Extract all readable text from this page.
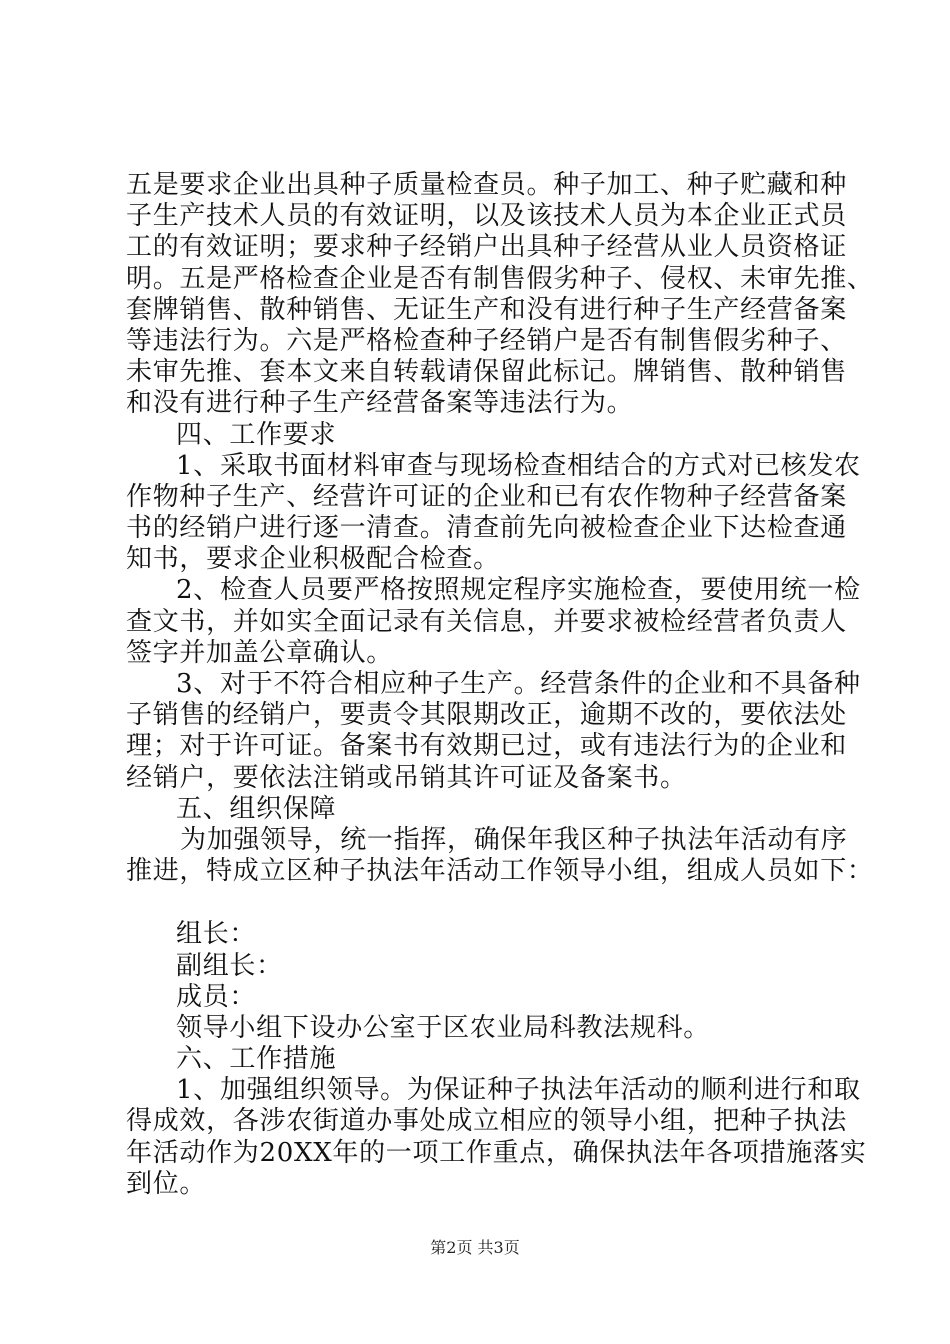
五是要求企业出具种子质量检查员。种子加工、种子贮藏和种
子生产技术人员的有效证明，以及该技术人员为本企业正式员
工的有效证明；要求种子经销户出具种子经营从业人员资格证
明。五是严格检查企业是否有制售假劣种子、侵权、未审先推、
套牌销售、散种销售、无证生产和没有进行种子生产经营备案
等违法行为。六是严格检查种子经销户是否有制售假劣种子、
未审先推、套本文来自转载请保留此标记。牌销售、散种销售
和没有进行种子生产经营备案等违法行为。
四、工作要求
1、采取书面材料审查与现场检查相结合的方式对已核发农
作物种子生产、经营许可证的企业和已有农作物种子经营备案
书的经销户进行逐一清查。清查前先向被检查企业下达检查通
知书，要求企业积极配合检查。
2、检查人员要严格按照规定程序实施检查，要使用统一检
查文书，并如实全面记录有关信息，并要求被检经营者负责人
签字并加盖公章确认。
3、对于不符合相应种子生产。经营条件的企业和不具备种
子销售的经销户，要责令其限期改正，逾期不改的，要依法处
理；对于许可证。备案书有效期已过，或有违法行为的企业和
经销户，要依法注销或吊销其许可证及备案书。
五、组织保障
为加强领导，统一指挥，确保年我区种子执法年活动有序
推进，特成立区种子执法年活动工作领导小组，组成人员如下：
组长：
副组长：
成员：
领导小组下设办公室于区农业局科教法规科。
六、工作措施
1、加强组织领导。为保证种子执法年活动的顺利进行和取
得成效，各涉农街道办事处成立相应的领导小组，把种子执法
年活动作为20XX年的一项工作重点，确保执法年各项措施落实
到位。
第2页 共3页
